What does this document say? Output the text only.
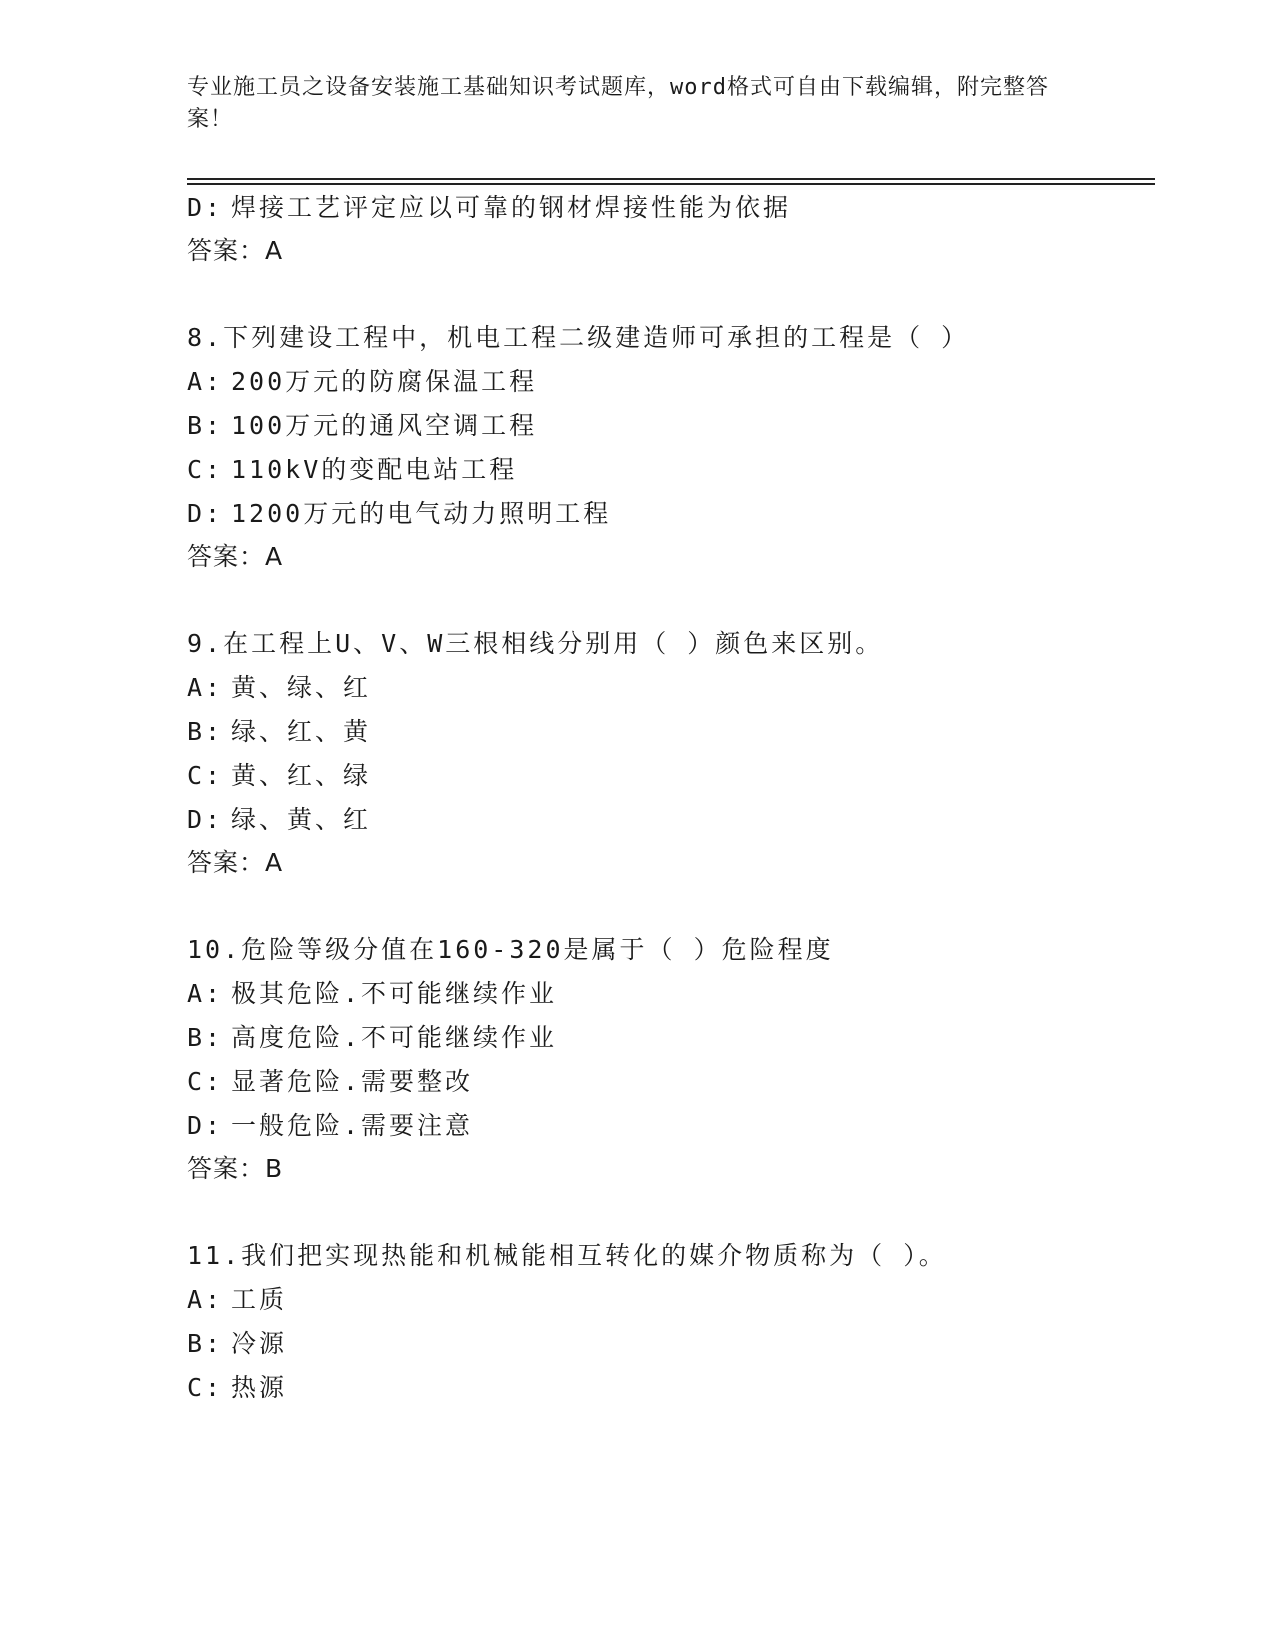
专业施工员之设备安装施工基础知识考试题库，word格式可自由下载编辑，附完整答案！
D: 焊接工艺评定应以可靠的钢材焊接性能为依据
答案：A
8.下列建设工程中，机电工程二级建造师可承担的工程是（ ）
A: 200万元的防腐保温工程
B: 100万元的通风空调工程
C: 110kV的变配电站工程
D: 1200万元的电气动力照明工程
答案：A
9.在工程上U、V、W三根相线分别用（ ）颜色来区别。
A: 黄、绿、红
B: 绿、红、黄
C: 黄、红、绿
D: 绿、黄、红
答案：A
10.危险等级分值在160-320是属于（ ）危险程度
A: 极其危险.不可能继续作业
B: 高度危险.不可能继续作业
C: 显著危险.需要整改
D: 一般危险.需要注意
答案：B
11.我们把实现热能和机械能相互转化的媒介物质称为（ ）。
A: 工质
B: 冷源
C: 热源
